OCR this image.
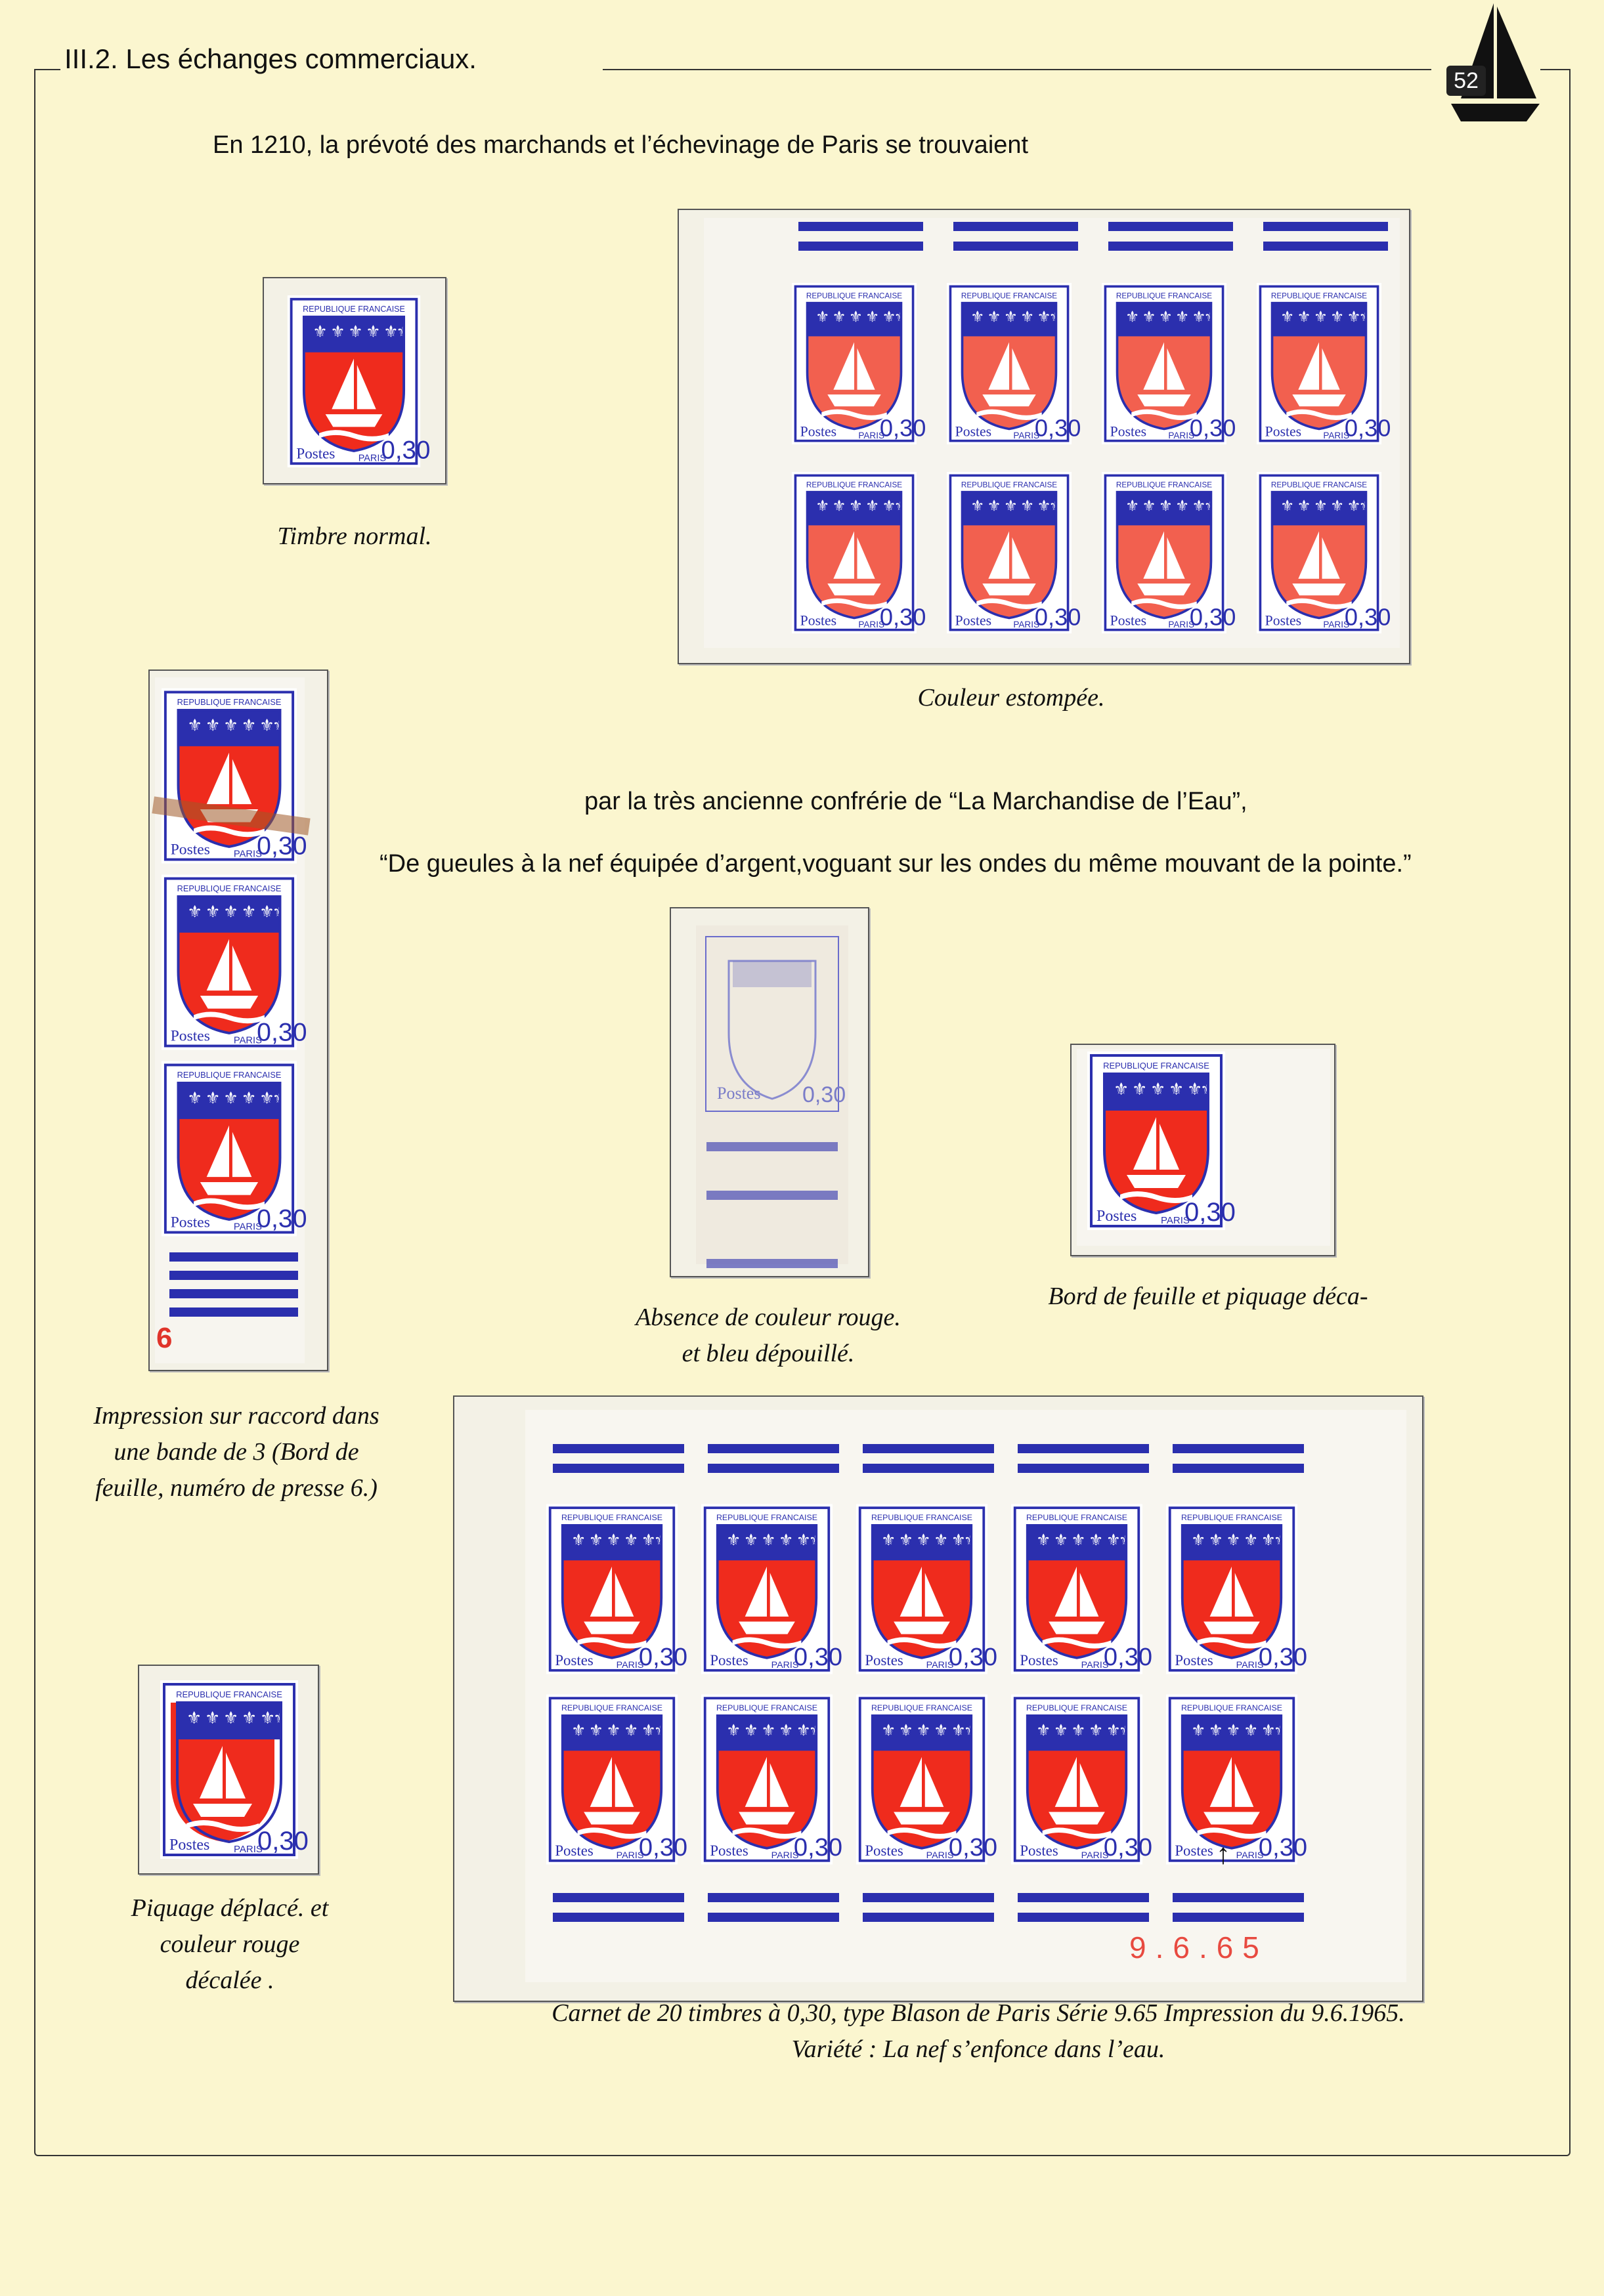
III.2. Les échanges commerciaux.
52
En 1210, la prévoté des marchands et l’échevinage de Paris se trouvaient
REPUBLIQUE FRANCAISE
⚜ ⚜ ⚜ ⚜ ⚜
⚜
Postes PARIS
0,30
Timbre normal.
REPUBLIQUE FRANCAISE
⚜ ⚜ ⚜ ⚜ ⚜
⚜
Postes PARIS
0,30
REPUBLIQUE FRANCAISE
⚜ ⚜ ⚜ ⚜ ⚜
⚜
Postes PARIS
0,30
REPUBLIQUE FRANCAISE
⚜ ⚜ ⚜ ⚜ ⚜
⚜
Postes PARIS
0,30
REPUBLIQUE FRANCAISE
⚜ ⚜ ⚜ ⚜ ⚜
⚜
Postes PARIS
0,30
REPUBLIQUE FRANCAISE
⚜ ⚜ ⚜ ⚜ ⚜
⚜
Postes PARIS
0,30
REPUBLIQUE FRANCAISE
⚜ ⚜ ⚜ ⚜ ⚜
⚜
Postes PARIS
0,30
REPUBLIQUE FRANCAISE
⚜ ⚜ ⚜ ⚜ ⚜
⚜
Postes PARIS
0,30
REPUBLIQUE FRANCAISE
⚜ ⚜ ⚜ ⚜ ⚜
⚜
Postes PARIS
0,30
Couleur estompée.
REPUBLIQUE FRANCAISE
⚜ ⚜ ⚜ ⚜ ⚜
⚜
Postes PARIS
0,30
REPUBLIQUE FRANCAISE
⚜ ⚜ ⚜ ⚜ ⚜
⚜
Postes PARIS
0,30
REPUBLIQUE FRANCAISE
⚜ ⚜ ⚜ ⚜ ⚜
⚜
Postes PARIS
0,30
6
Impression sur raccord dans
une bande de 3 (Bord de
feuille, numéro de presse 6.)
par la très ancienne confrérie de “La Marchandise de l’Eau”,
“De gueules à la nef équipée d’argent,voguant sur les ondes du même mouvant de la pointe.”
Postes 0,30
Absence de couleur rouge.
et bleu dépouillé.
REPUBLIQUE FRANCAISE
⚜ ⚜ ⚜ ⚜ ⚜
⚜
Postes PARIS
0,30
Bord de feuille et piquage déca-
REPUBLIQUE FRANCAISE
⚜ ⚜ ⚜ ⚜ ⚜
⚜
Postes PARIS
0,30
Piquage déplacé. et
couleur rouge
décalée .
REPUBLIQUE FRANCAISE
⚜ ⚜ ⚜ ⚜ ⚜
⚜
Postes PARIS
0,30
REPUBLIQUE FRANCAISE
⚜ ⚜ ⚜ ⚜ ⚜
⚜
Postes PARIS
0,30
REPUBLIQUE FRANCAISE
⚜ ⚜ ⚜ ⚜ ⚜
⚜
Postes PARIS
0,30
REPUBLIQUE FRANCAISE
⚜ ⚜ ⚜ ⚜ ⚜
⚜
Postes PARIS
0,30
REPUBLIQUE FRANCAISE
⚜ ⚜ ⚜ ⚜ ⚜
⚜
Postes PARIS
0,30
REPUBLIQUE FRANCAISE
⚜ ⚜ ⚜ ⚜ ⚜
⚜
Postes PARIS
0,30
REPUBLIQUE FRANCAISE
⚜ ⚜ ⚜ ⚜ ⚜
⚜
Postes PARIS
0,30
REPUBLIQUE FRANCAISE
⚜ ⚜ ⚜ ⚜ ⚜
⚜
Postes PARIS
0,30
REPUBLIQUE FRANCAISE
⚜ ⚜ ⚜ ⚜ ⚜
⚜
Postes PARIS
0,30
REPUBLIQUE FRANCAISE
⚜ ⚜ ⚜ ⚜ ⚜
⚜
Postes PARIS
0,30
9.6.65
↑
Carnet de 20 timbres à 0,30, type Blason de Paris Série 9.65 Impression du 9.6.1965.
Variété : La nef s’enfonce dans l’eau.
